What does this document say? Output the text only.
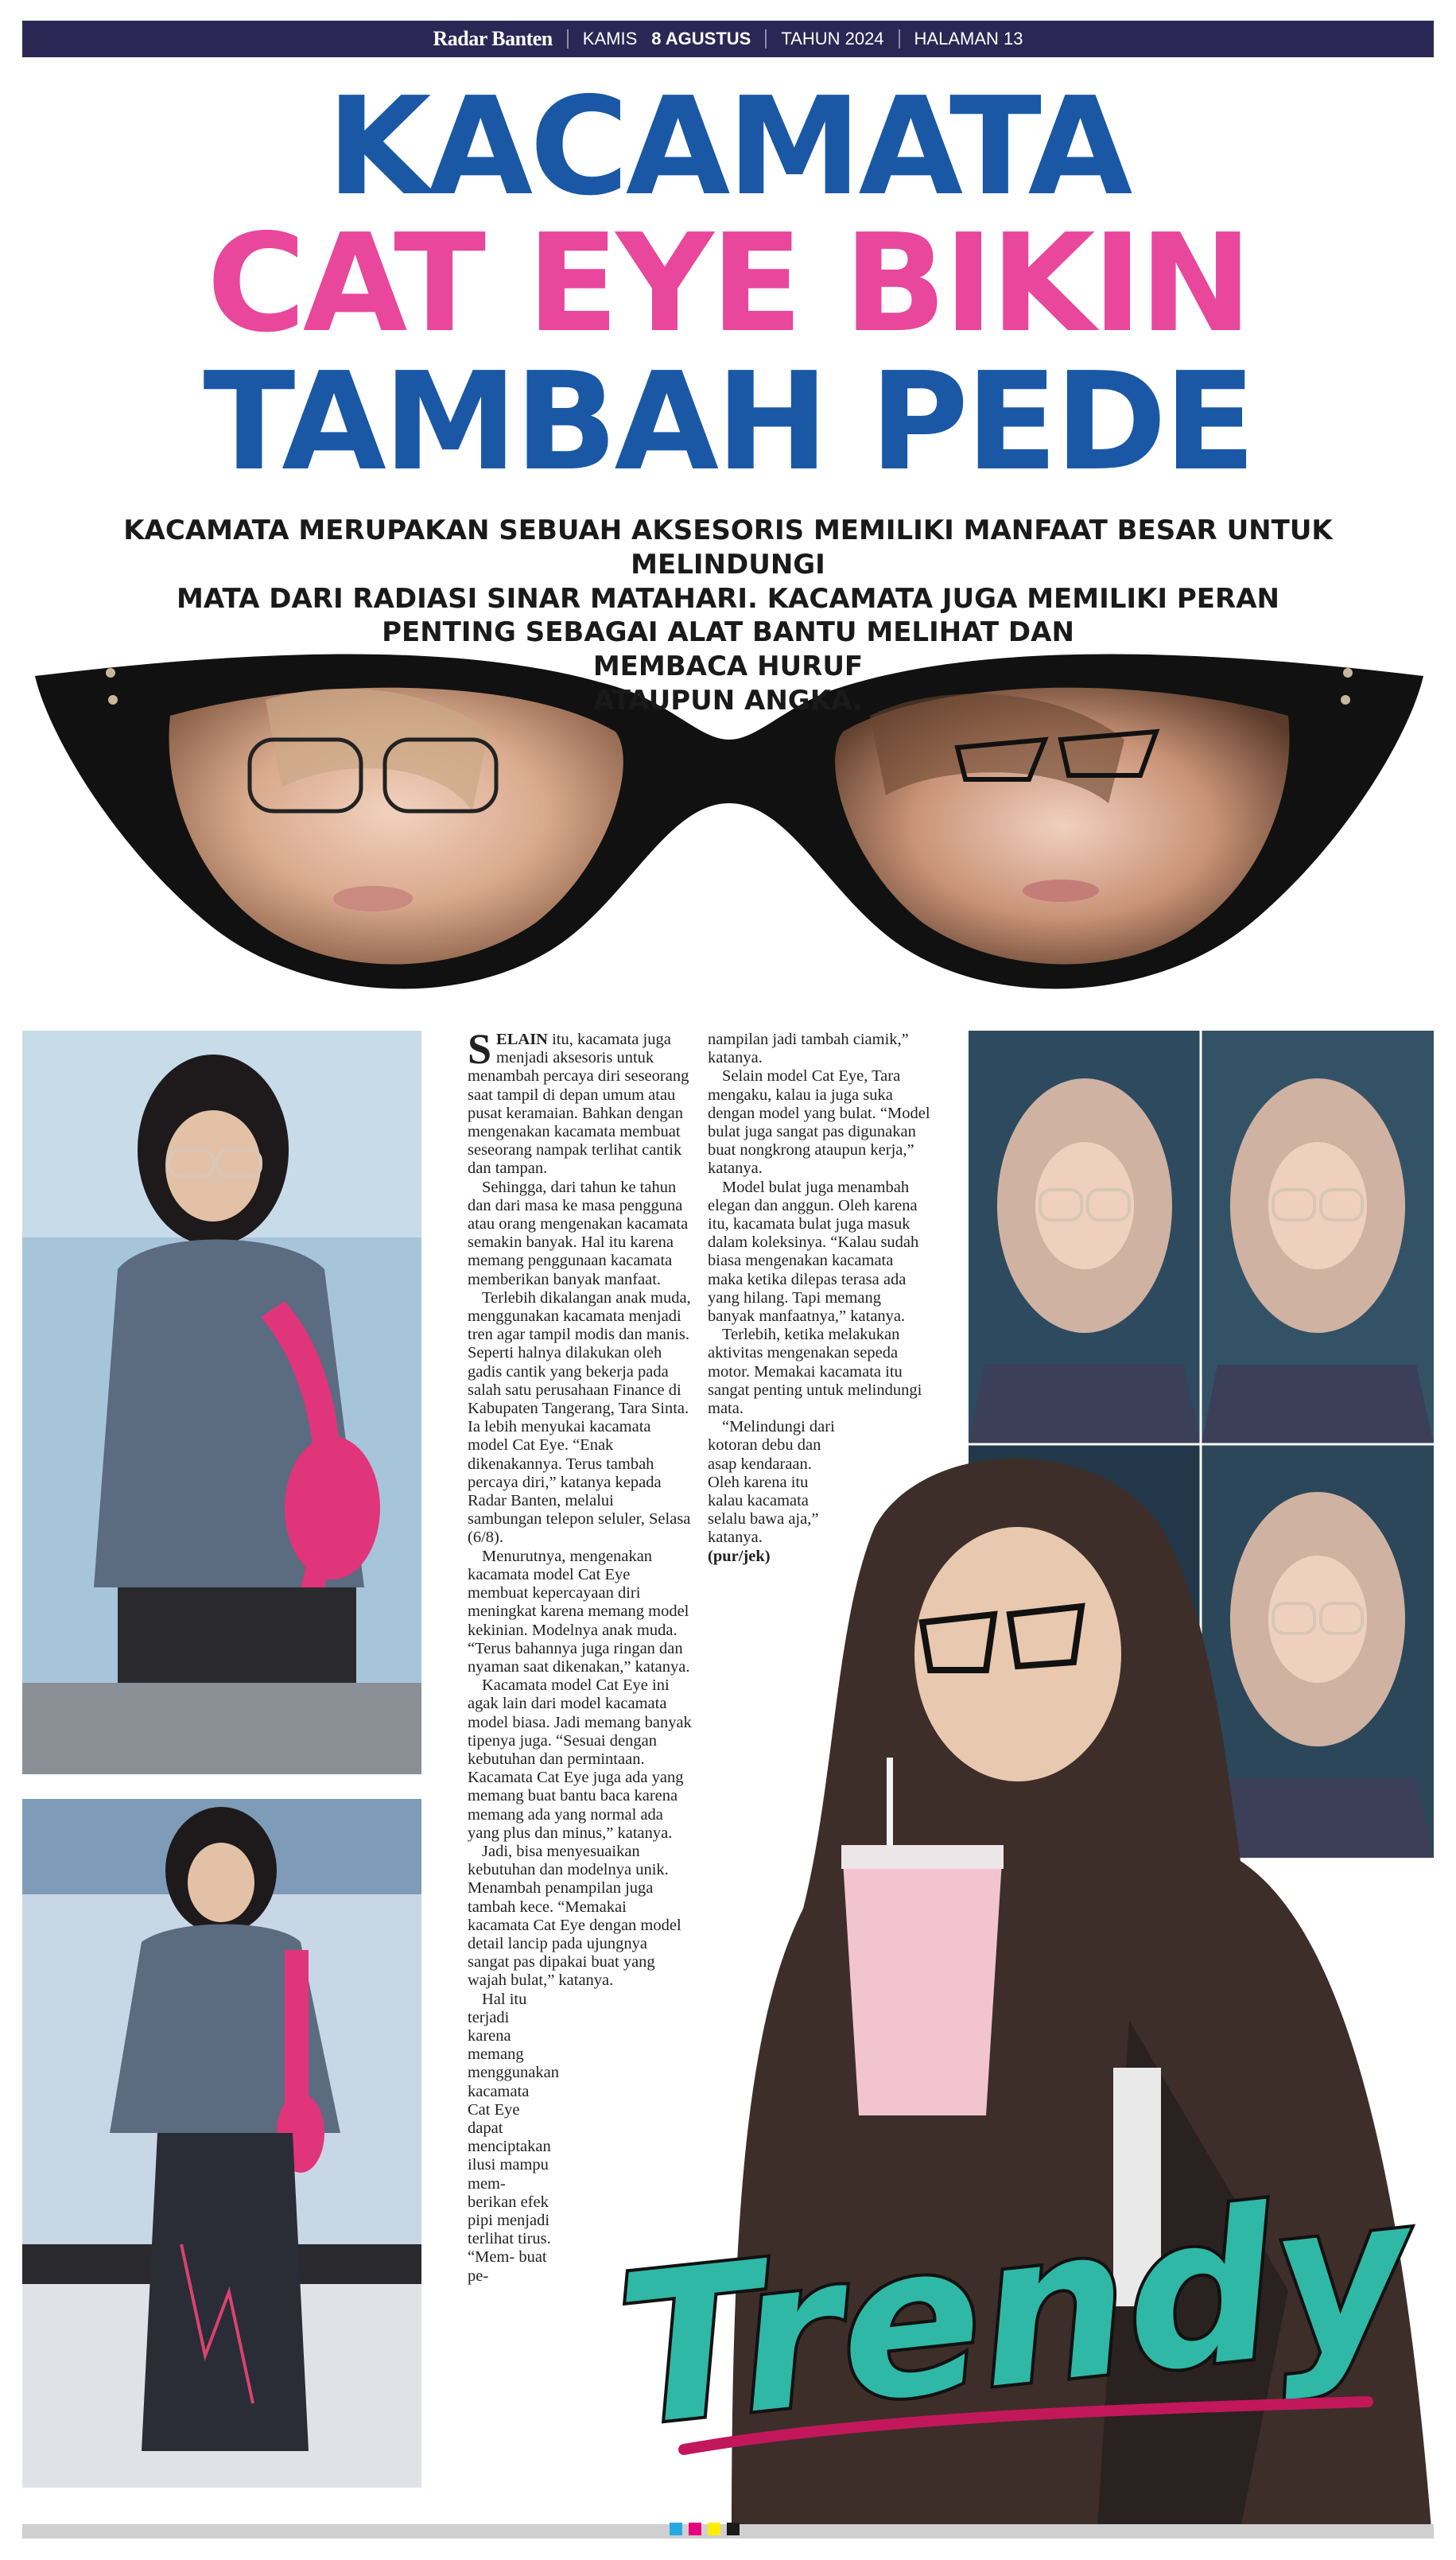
Radar Banten KAMIS 8 AGUSTUS TAHUN 2024 HALAMAN 13
KACAMATA
CAT EYE BIKIN
TAMBAH PEDE
KACAMATA MERUPAKAN SEBUAH AKSESORIS MEMILIKI MANFAAT BESAR UNTUK MELINDUNGI
MATA DARI RADIASI SINAR MATAHARI. KACAMATA JUGA MEMILIKI PERAN
PENTING SEBAGAI ALAT BANTU MELIHAT DAN
MEMBACA HURUF
ATAUPUN ANGKA.

SELAIN itu, kacamata juga menjadi aksesoris untuk menambah percaya diri seseorang saat tampil di depan umum atau pusat keramaian. Bahkan dengan mengenakan kacamata membuat seseorang nampak terlihat cantik dan tampan.

Sehingga, dari tahun ke tahun dan dari masa ke masa pengguna atau orang mengenakan kacamata semakin banyak. Hal itu karena memang penggunaan kacamata memberikan banyak manfaat.

Terlebih dikalangan anak muda, menggunakan kacamata menjadi tren agar tampil modis dan manis. Seperti halnya dilakukan oleh gadis cantik yang bekerja pada salah satu perusahaan Finance di Kabupaten Tangerang, Tara Sinta. Ia lebih menyukai kacamata model Cat Eye. “Enak dikenakannya. Terus tambah percaya diri,” katanya kepada Radar Banten, melalui sambungan telepon seluler, Selasa (6/8).

Menurutnya, mengenakan kacamata model Cat Eye membuat kepercayaan diri meningkat karena memang model kekinian. Modelnya anak muda. “Terus bahannya juga ringan dan nyaman saat dikenakan,” katanya.

Kacamata model Cat Eye ini agak lain dari model kacamata model biasa. Jadi memang banyak tipenya juga. “Sesuai dengan kebutuhan dan permintaan. Kacamata Cat Eye juga ada yang memang buat bantu baca karena memang ada yang normal ada yang plus dan minus,” katanya.

Jadi, bisa menyesuaikan kebutuhan dan modelnya unik. Menambah penampilan juga tambah kece. “Memakai kacamata Cat Eye dengan model detail lancip pada ujungnya sangat pas dipakai buat yang wajah bulat,” katanya.

Hal itu terjadi karena memang menggunakan kacamata Cat Eye dapat menciptakan ilusi mampu mem- berikan efek pipi menjadi terlihat tirus. “Mem- buat pe-

nampilan jadi tambah ciamik,” katanya.

Selain model Cat Eye, Tara mengaku, kalau ia juga suka dengan model yang bulat. “Model bulat juga sangat pas digunakan buat nongkrong ataupun kerja,” katanya.

Model bulat juga menambah elegan dan anggun. Oleh karena itu, kacamata bulat juga masuk dalam koleksinya. “Kalau sudah biasa mengenakan kacamata maka ketika dilepas terasa ada yang hilang. Tapi memang banyak manfaatnya,” katanya.

Terlebih, ketika melakukan aktivitas mengenakan sepeda motor. Memakai kacamata itu sangat penting untuk melindungi mata.

“Melindungi dari kotoran debu dan asap kendaraan. Oleh karena itu kalau kacamata selalu bawa aja,” katanya.

(pur/jek)

Trendy
